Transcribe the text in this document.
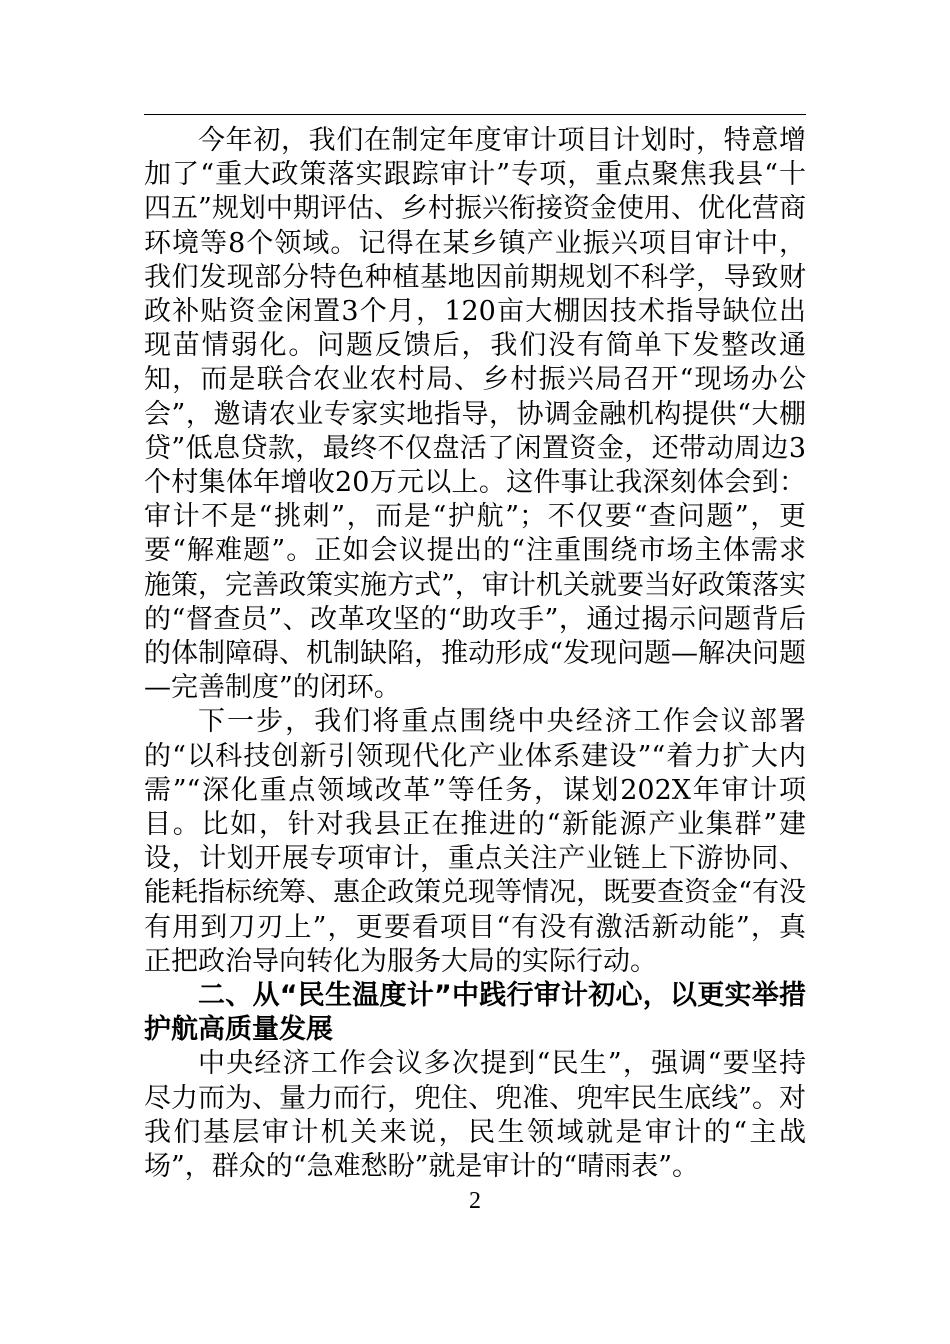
今年初，我们在制定年度审计项目计划时，特意增加了“重大政策落实跟踪审计”专项，重点聚焦我县“十四五”规划中期评估、乡村振兴衔接资金使用、优化营商环境等8个领域。记得在某乡镇产业振兴项目审计中，我们发现部分特色种植基地因前期规划不科学，导致财政补贴资金闲置3个月，120亩大棚因技术指导缺位出现苗情弱化。问题反馈后，我们没有简单下发整改通知，而是联合农业农村局、乡村振兴局召开“现场办公会”，邀请农业专家实地指导，协调金融机构提供“大棚贷”低息贷款，最终不仅盘活了闲置资金，还带动周边3个村集体年增收20万元以上。这件事让我深刻体会到：审计不是“挑刺”，而是“护航”；不仅要“查问题”，更要“解难题”。正如会议提出的“注重围绕市场主体需求施策，完善政策实施方式”，审计机关就要当好政策落实的“督查员”、改革攻坚的“助攻手”，通过揭示问题背后的体制障碍、机制缺陷，推动形成“发现问题—解决问题—完善制度”的闭环。

下一步，我们将重点围绕中央经济工作会议部署的“以科技创新引领现代化产业体系建设”“着力扩大内需”“深化重点领域改革”等任务，谋划202X年审计项目。比如，针对我县正在推进的“新能源产业集群”建设，计划开展专项审计，重点关注产业链上下游协同、能耗指标统筹、惠企政策兑现等情况，既要查资金“有没有用到刀刃上”，更要看项目“有没有激活新动能”，真正把政治导向转化为服务大局的实际行动。

二、从“民生温度计”中践行审计初心，以更实举措护航高质量发展

中央经济工作会议多次提到“民生”，强调“要坚持尽力而为、量力而行，兜住、兜准、兜牢民生底线”。对我们基层审计机关来说，民生领域就是审计的“主战场”，群众的“急难愁盼”就是审计的“晴雨表”。

2
